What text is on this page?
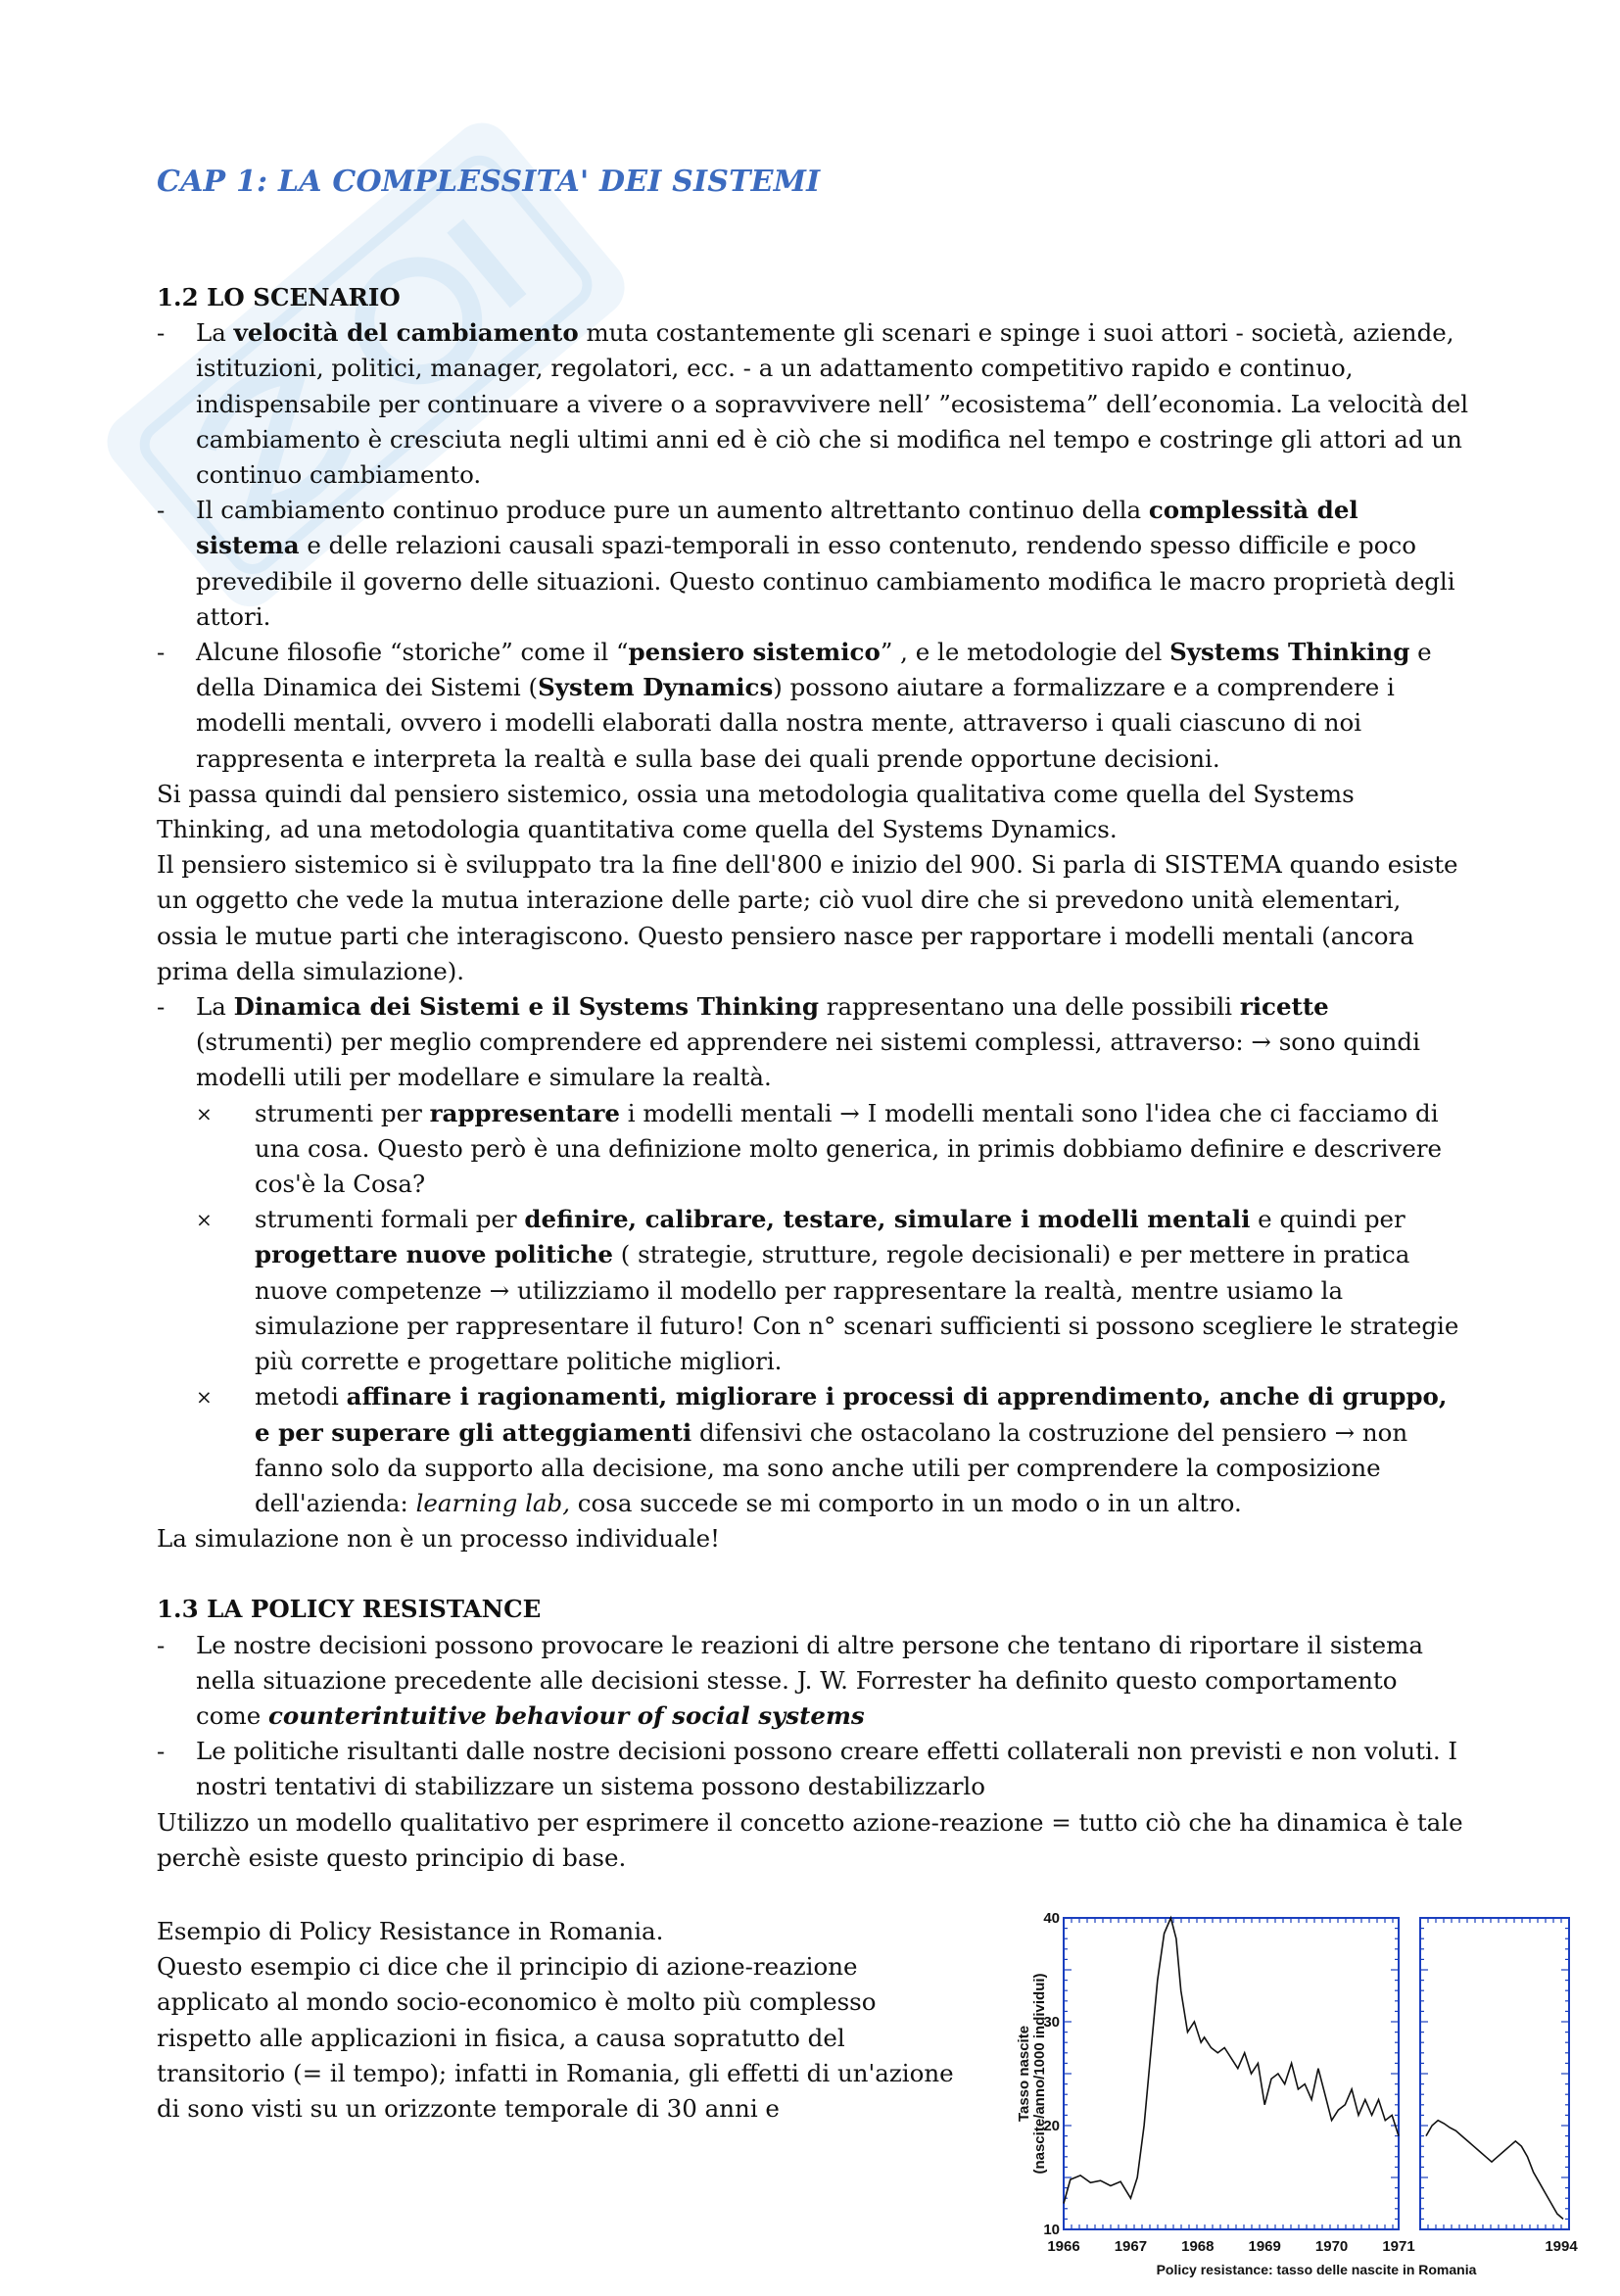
CAP 1: LA COMPLESSITA' DEI SISTEMI
1.2 LO SCENARIO
-	La velocità del cambiamento muta costantemente gli scenari e spinge i suoi attori - società, aziende, istituzioni, politici, manager, regolatori, ecc. - a un adattamento competitivo rapido e continuo, indispensabile per continuare a vivere o a sopravvivere nell’ ”ecosistema” dell’economia. La velocità del cambiamento è cresciuta negli ultimi anni ed è ciò che si modifica nel tempo e costringe gli attori ad un continuo cambiamento.
-	Il cambiamento continuo produce pure un aumento altrettanto continuo della complessità del sistema e delle relazioni causali spazi-temporali in esso contenuto, rendendo spesso difficile e poco prevedibile il governo delle situazioni. Questo continuo cambiamento modifica le macro proprietà degli attori.
-	Alcune filosofie “storiche” come il “pensiero sistemico” , e le metodologie del Systems Thinking e della Dinamica dei Sistemi (System Dynamics) possono aiutare a formalizzare e a comprendere i modelli mentali, ovvero i modelli elaborati dalla nostra mente, attraverso i quali ciascuno di noi rappresenta e interpreta la realtà e sulla base dei quali prende opportune decisioni.
Si passa quindi dal pensiero sistemico, ossia una metodologia qualitativa come quella del Systems Thinking, ad una metodologia quantitativa come quella del Systems Dynamics.
Il pensiero sistemico si è sviluppato tra la fine dell'800 e inizio del 900. Si parla di SISTEMA quando esiste un oggetto che vede la mutua interazione delle parte; ciò vuol dire che si prevedono unità elementari, ossia le mutue parti che interagiscono. Questo pensiero nasce per rapportare i modelli mentali (ancora prima della simulazione).
-	La Dinamica dei Sistemi e il Systems Thinking rappresentano una delle possibili ricette (strumenti) per meglio comprendere ed apprendere nei sistemi complessi, attraverso: → sono quindi modelli utili per modellare e simulare la realtà.
×	strumenti per rappresentare i modelli mentali → I modelli mentali sono l'idea che ci facciamo di una cosa. Questo però è una definizione molto generica, in primis dobbiamo definire e descrivere cos'è la Cosa?
×	strumenti formali per definire, calibrare, testare, simulare i modelli mentali e quindi per progettare nuove politiche ( strategie, strutture, regole decisionali) e per mettere in pratica nuove competenze → utilizziamo il modello per rappresentare la realtà, mentre usiamo la simulazione per rappresentare il futuro! Con n° scenari sufficienti si possono scegliere le strategie più corrette e progettare politiche migliori.
×	metodi affinare i ragionamenti, migliorare i processi di apprendimento, anche di gruppo, e per superare gli atteggiamenti difensivi che ostacolano la costruzione del pensiero → non fanno solo da supporto alla decisione, ma sono anche utili per comprendere la composizione dell'azienda: learning lab, cosa succede se mi comporto in un modo o in un altro.
La simulazione non è un processo individuale!
1.3 LA POLICY RESISTANCE
-	Le nostre decisioni possono provocare le reazioni di altre persone che tentano di riportare il sistema nella situazione precedente alle decisioni stesse. J. W. Forrester ha definito questo comportamento come counterintuitive behaviour of social systems
-	Le politiche risultanti dalle nostre decisioni possono creare effetti collaterali non previsti e non voluti. I nostri tentativi di stabilizzare un sistema possono destabilizzarlo
Utilizzo un modello qualitativo per esprimere il concetto azione-reazione = tutto ciò che ha dinamica è tale perchè esiste questo principio di base.
Esempio di Policy Resistance in Romania.
Questo esempio ci dice che il principio di azione-reazione applicato al mondo socio-economico è molto più complesso rispetto alle applicazioni in fisica, a causa sopratutto del transitorio (= il tempo); infatti in Romania, gli effetti di un'azione di sono visti su un orizzonte temporale di 30 anni e
10
20
30
40
1966 1967 1968 1969 1970 1971	1994
Tasso nascite (nascite/anno/1000 individui)
Policy resistance: tasso delle nascite in Romania
